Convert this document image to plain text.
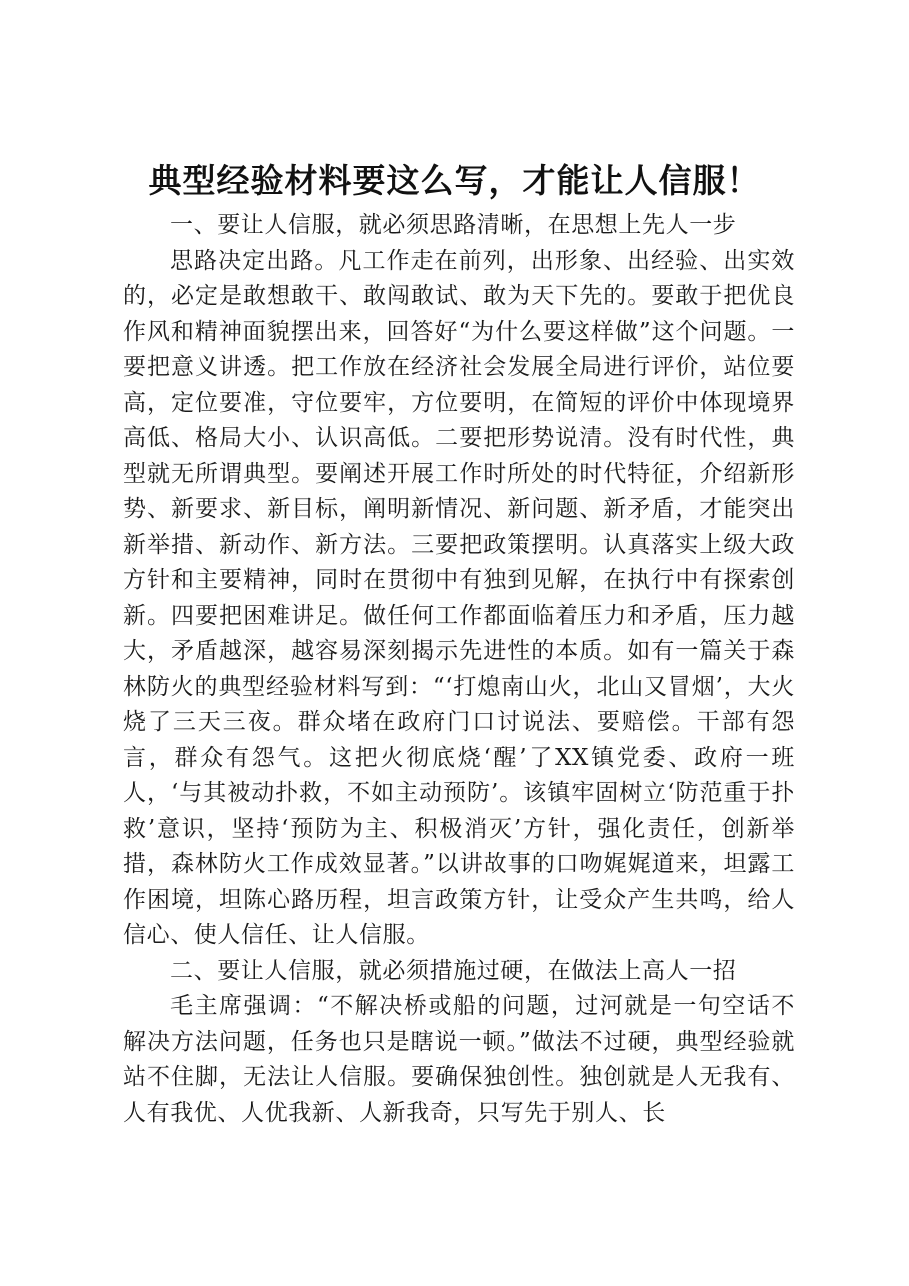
典型经验材料要这么写，才能让人信服！

一、要让人信服，就必须思路清晰，在思想上先人一步

思路决定出路。凡工作走在前列，出形象、出经验、出实效的，必定是敢想敢干、敢闯敢试、敢为天下先的。要敢于把优良作风和精神面貌摆出来，回答好“为什么要这样做”这个问题。一要把意义讲透。把工作放在经济社会发展全局进行评价，站位要高，定位要准，守位要牢，方位要明，在简短的评价中体现境界高低、格局大小、认识高低。二要把形势说清。没有时代性，典型就无所谓典型。要阐述开展工作时所处的时代特征，介绍新形势、新要求、新目标，阐明新情况、新问题、新矛盾，才能突出新举措、新动作、新方法。三要把政策摆明。认真落实上级大政方针和主要精神，同时在贯彻中有独到见解，在执行中有探索创新。四要把困难讲足。做任何工作都面临着压力和矛盾，压力越大，矛盾越深，越容易深刻揭示先进性的本质。如有一篇关于森林防火的典型经验材料写到：“‘打熄南山火，北山又冒烟’，大火烧了三天三夜。群众堵在政府门口讨说法、要赔偿。干部有怨言，群众有怨气。这把火彻底烧‘醒’了XX镇党委、政府一班人，‘与其被动扑救，不如主动预防’。该镇牢固树立‘防范重于扑救’意识，坚持‘预防为主、积极消灭’方针，强化责任，创新举措，森林防火工作成效显著。”以讲故事的口吻娓娓道来，坦露工作困境，坦陈心路历程，坦言政策方针，让受众产生共鸣，给人信心、使人信任、让人信服。

二、要让人信服，就必须措施过硬，在做法上高人一招

毛主席强调：“不解决桥或船的问题，过河就是一句空话不解决方法问题，任务也只是瞎说一顿。”做法不过硬，典型经验就站不住脚，无法让人信服。要确保独创性。独创就是人无我有、人有我优、人优我新、人新我奇，只写先于别人、长
